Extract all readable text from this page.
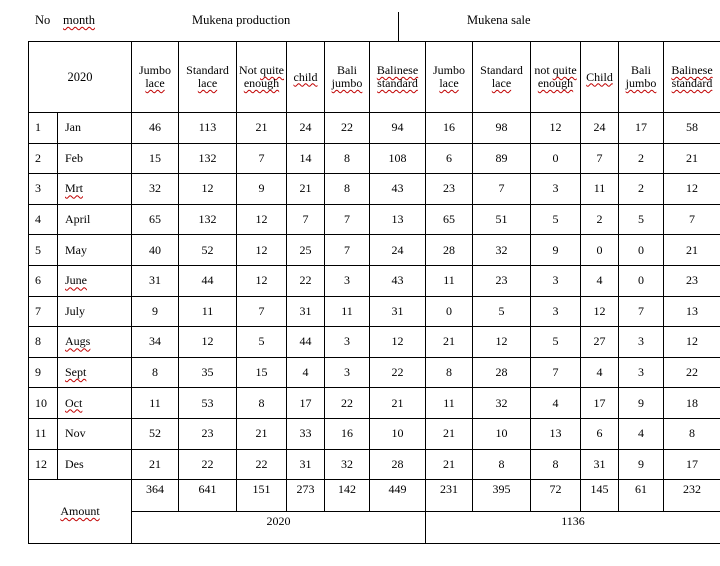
No month	Mukena production	Mukena sale
2020		Jumbo lace	Standard lace	Not quite enough	child	Bali jumbo	Balinese standard	Jumbo lace	Standard lace	not quite enough	Child	Bali jumbo	Balinese standard
1	Jan	46	113	21	24	22	94	16	98	12	24	17	58
2	Feb	15	132	7	14	8	108	6	89	0	7	2	21
3	Mrt	32	12	9	21	8	43	23	7	3	11	2	12
4	April	65	132	12	7	7	13	65	51	5	2	5	7
5	May	40	52	12	25	7	24	28	32	9	0	0	21
6	June	31	44	12	22	3	43	11	23	3	4	0	23
7	July	9	11	7	31	11	31	0	5	3	12	7	13
8	Augs	34	12	5	44	3	12	21	12	5	27	3	12
9	Sept	8	35	15	4	3	22	8	28	7	4	3	22
10	Oct	11	53	8	17	22	21	11	32	4	17	9	18
11	Nov	52	23	21	33	16	10	21	10	13	6	4	8
12	Des	21	22	22	31	32	28	21	8	8	31	9	17
Amount		364	641	151	273	142	449	231	395	72	145	61	232
		2020						1136					
